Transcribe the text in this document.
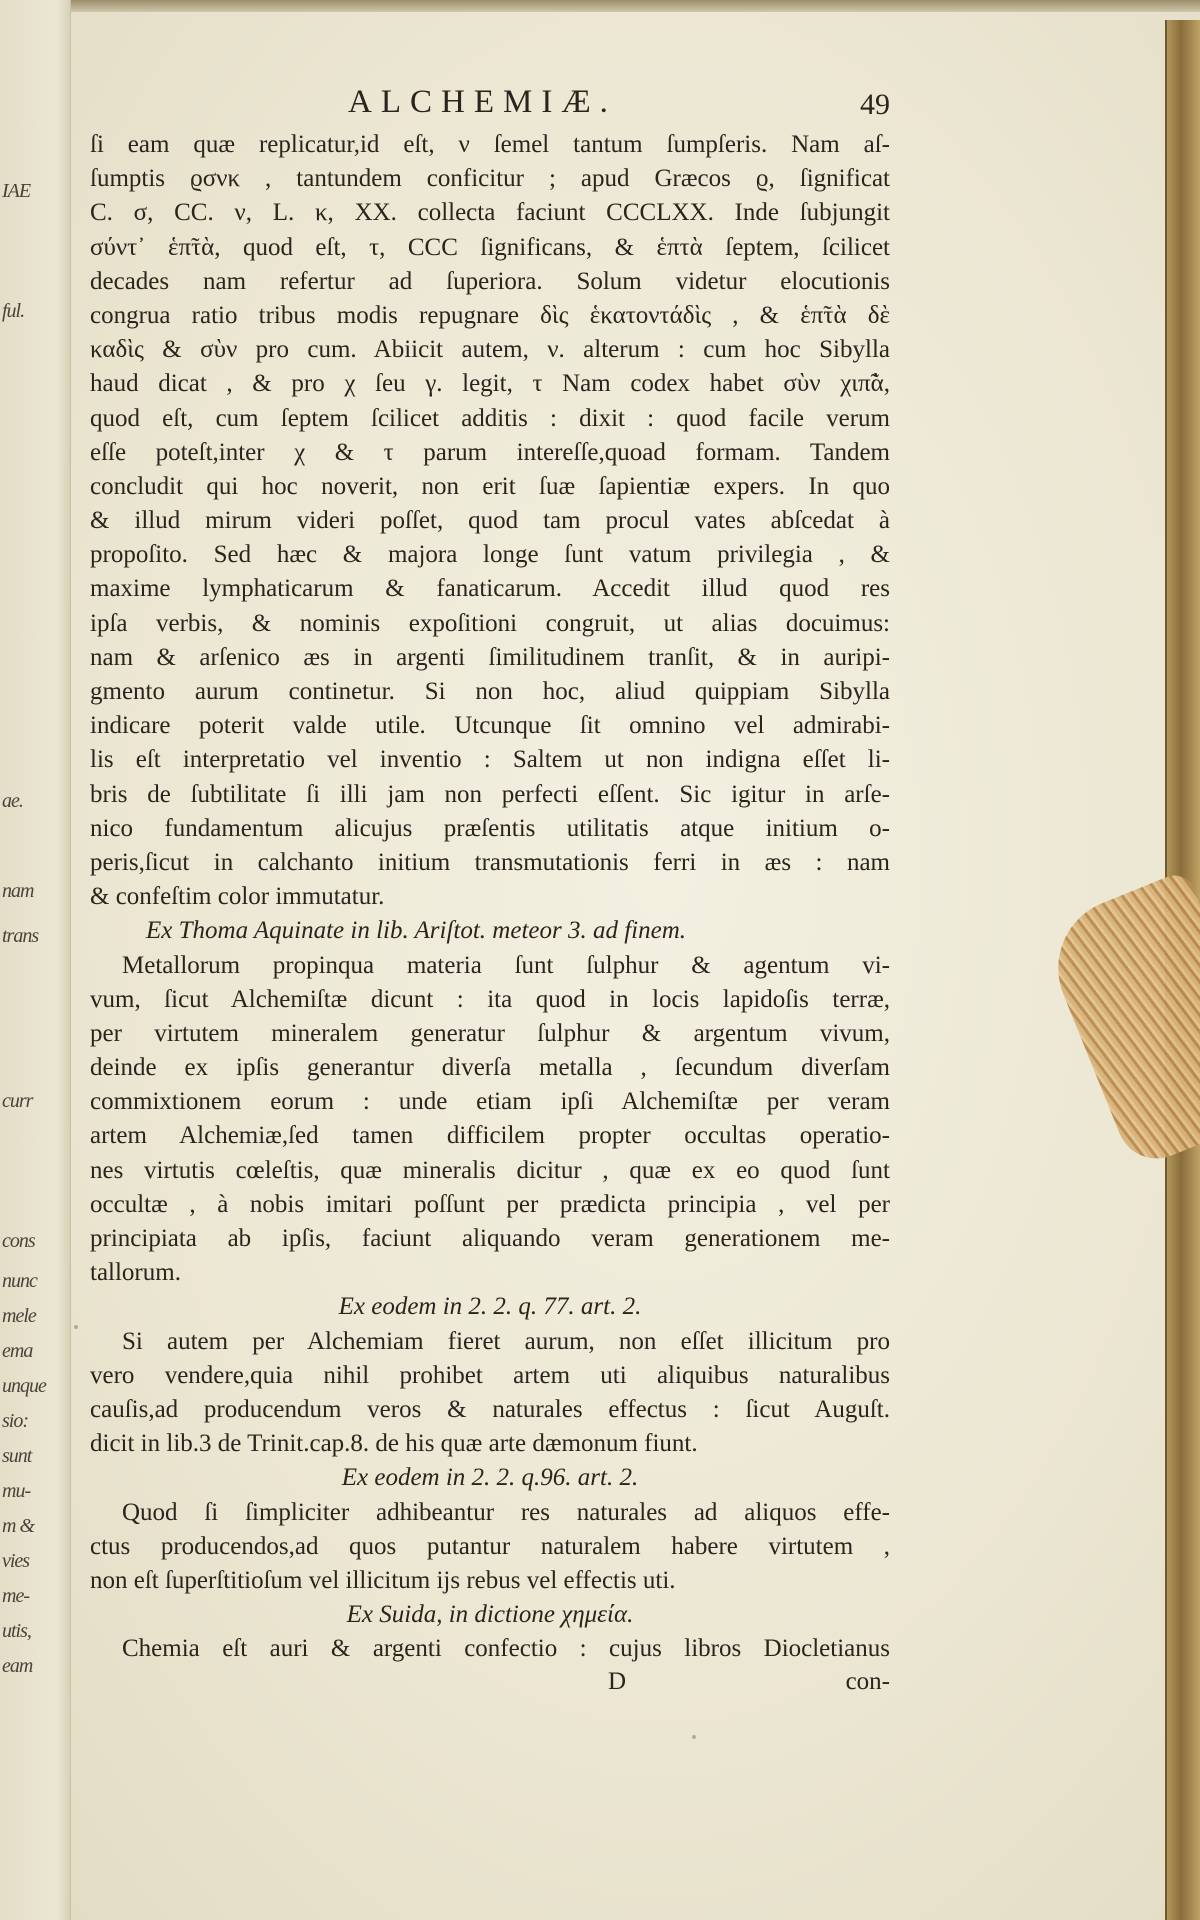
IAE
ful.
ae.
nam
trans
curr
cons
nunc
mele
ema
unque
sio:
sunt
mu-
m &
vies
me-
utis,
eam
ALCHEMIÆ.	49
ſi eam quæ replicatur,id eſt, ν ſemel tantum ſumpſeris. Nam aſ-
ſumptis ϱσνκ , tantundem conficitur ; apud Græcos ϱ, ſignificat
C. σ, CC. ν, L. κ, XX. collecta faciunt CCCLXX. Inde ſubjungit
σύντ᾽ ἑπ̃τὰ, quod eſt, τ, CCC ſignificans, & ἑπτὰ ſeptem, ſcilicet
decades nam refertur ad ſuperiora. Solum videtur elocutionis
congrua ratio tribus modis repugnare δὶς ἑκατοντάδὶς , & ἑπ̃τὰ δὲ
καδὶς & σὺν pro cum. Abiicit autem, ν. alterum : cum hoc Sibylla
haud dicat , & pro χ ſeu γ. legit, τ Nam codex habet σὺν χιπ̃ὰ,
quod eſt, cum ſeptem ſcilicet additis : dixit : quod facile verum
eſſe poteſt,inter χ & τ parum intereſſe,quoad formam. Tandem
concludit qui hoc noverit, non erit ſuæ ſapientiæ expers. In quo
& illud mirum videri poſſet, quod tam procul vates abſcedat à
propoſito. Sed hæc & majora longe ſunt vatum privilegia , &
maxime lymphaticarum & fanaticarum. Accedit illud quod res
ipſa verbis, & nominis expoſitioni congruit, ut alias docuimus:
nam & arſenico æs in argenti ſimilitudinem tranſit, & in auripi-
gmento aurum continetur. Si non hoc, aliud quippiam Sibylla
indicare poterit valde utile. Utcunque ſit omnino vel admirabi-
lis eſt interpretatio vel inventio : Saltem ut non indigna eſſet li-
bris de ſubtilitate ſi illi jam non perfecti eſſent. Sic igitur in arſe-
nico fundamentum alicujus præſentis utilitatis atque initium o-
peris,ſicut in calchanto initium transmutationis ferri in æs : nam
& confeſtim color immutatur.
Ex Thoma Aquinate in lib. Ariſtot. meteor 3. ad finem.
Metallorum propinqua materia ſunt ſulphur & agentum vi-
vum, ſicut Alchemiſtæ dicunt : ita quod in locis lapidoſis terræ,
per virtutem mineralem generatur ſulphur & argentum vivum,
deinde ex ipſis generantur diverſa metalla , ſecundum diverſam
commixtionem eorum : unde etiam ipſi Alchemiſtæ per veram
artem Alchemiæ,ſed tamen difficilem propter occultas operatio-
nes virtutis cœleſtis, quæ mineralis dicitur , quæ ex eo quod ſunt
occultæ , à nobis imitari poſſunt per prædicta principia , vel per
principiata ab ipſis, faciunt aliquando veram generationem me-
tallorum.
Ex eodem in 2. 2. q. 77. art. 2.
Si autem per Alchemiam fieret aurum, non eſſet illicitum pro
vero vendere,quia nihil prohibet artem uti aliquibus naturalibus
cauſis,ad producendum veros & naturales effectus : ſicut Auguſt.
dicit in lib.3 de Trinit.cap.8. de his quæ arte dæmonum fiunt.
Ex eodem in 2. 2. q.96. art. 2.
Quod ſi ſimpliciter adhibeantur res naturales ad aliquos effe-
ctus producendos,ad quos putantur naturalem habere virtutem ,
non eſt ſuperſtitioſum vel illicitum ijs rebus vel effectis uti.
Ex Suida, in dictione χημεία.
Chemia eſt auri & argenti confectio : cujus libros Diocletianus
D	con-
